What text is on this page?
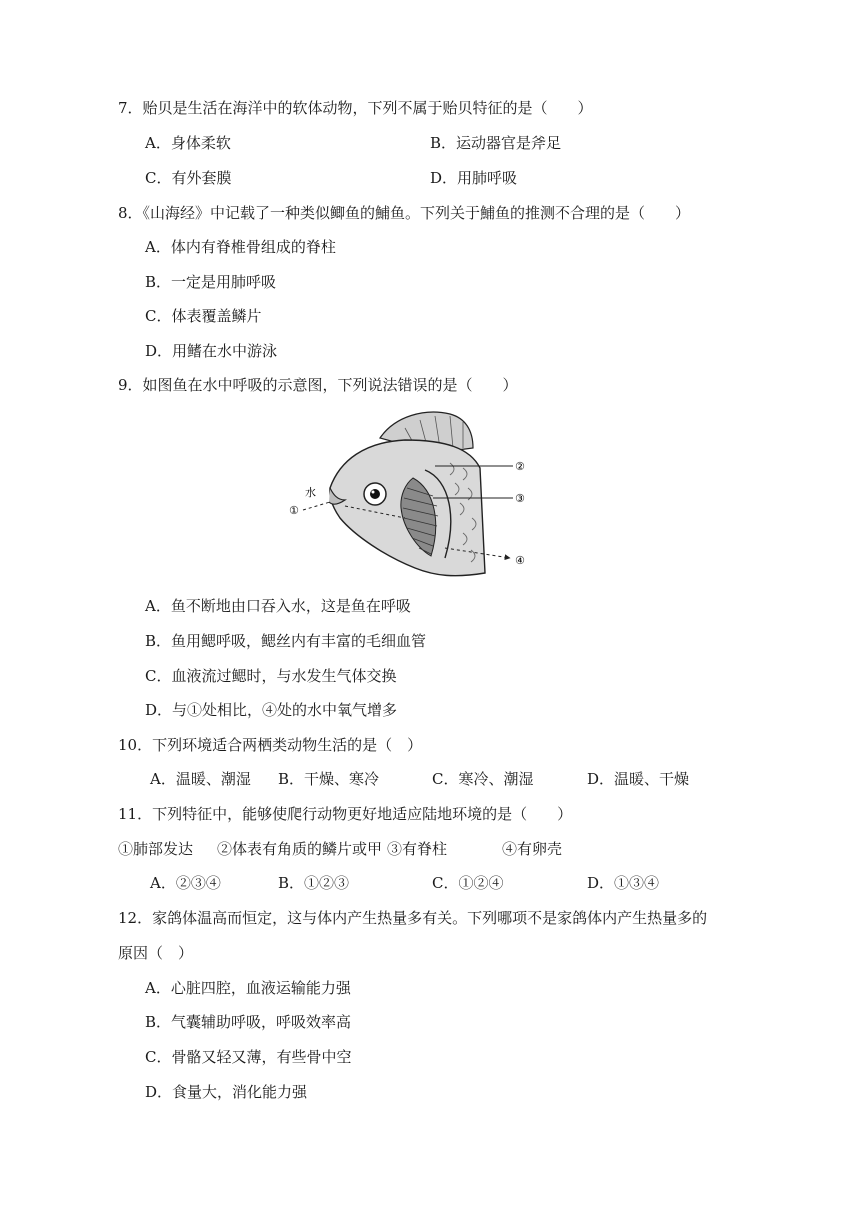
7．贻贝是生活在海洋中的软体动物，下列不属于贻贝特征的是（　　）
A．身体柔软	B．运动器官是斧足
C．有外套膜	D．用肺呼吸
8．《山海经》中记载了一种类似鲫鱼的鯆鱼。下列关于鯆鱼的推测不合理的是（　　）
A．体内有脊椎骨组成的脊柱
B．一定是用肺呼吸
C．体表覆盖鳞片
D．用鳍在水中游泳
9．如图鱼在水中呼吸的示意图，下列说法错误的是（　　）
水
①
②
③
④
A．鱼不断地由口吞入水，这是鱼在呼吸
B．鱼用鳃呼吸，鳃丝内有丰富的毛细血管
C．血液流过鳃时，与水发生气体交换
D．与①处相比，④处的水中氧气增多
10．下列环境适合两栖类动物生活的是（　）
A．温暖、潮湿 B．干燥、寒冷	C．寒冷、潮湿	D．温暖、干燥
11．下列特征中，能够使爬行动物更好地适应陆地环境的是（　　）
①肺部发达 ②体表有角质的鳞片或甲 ③有脊柱	④有卵壳
A．②③④	B．①②③	C．①②④	D．①③④
12．家鸽体温高而恒定，这与体内产生热量多有关。下列哪项不是家鸽体内产生热量多的
原因（　）
A．心脏四腔，血液运输能力强
B．气囊辅助呼吸，呼吸效率高
C．骨骼又轻又薄，有些骨中空
D．食量大，消化能力强
